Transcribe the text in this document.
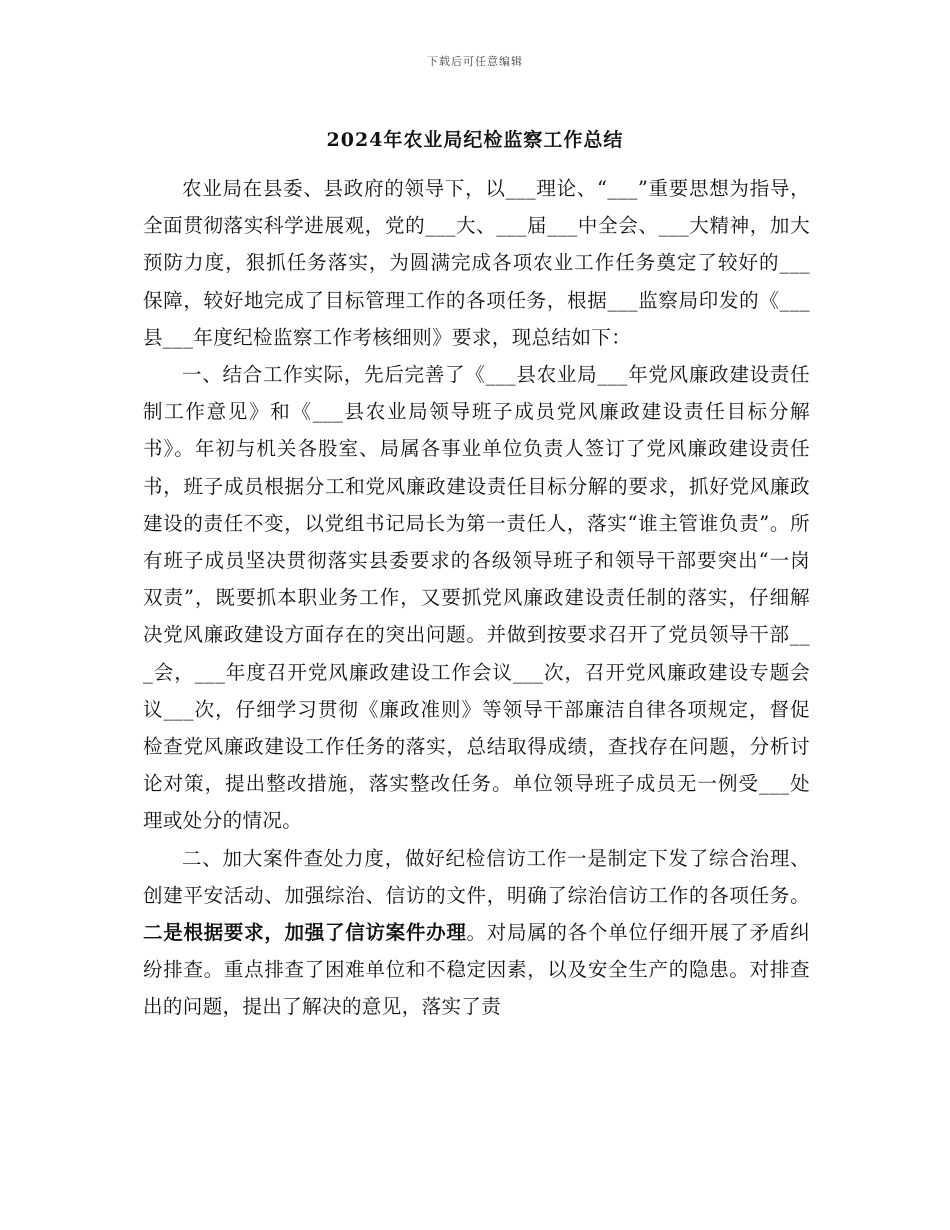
下载后可任意编辑
2024年农业局纪检监察工作总结

农业局在县委、县政府的领导下，以___理论、“___”重要思想为指导，全面贯彻落实科学进展观，党的___大、___届___中全会、___大精神，加大预防力度，狠抓任务落实，为圆满完成各项农业工作任务奠定了较好的___保障，较好地完成了目标管理工作的各项任务，根据___监察局印发的《___县___年度纪检监察工作考核细则》要求，现总结如下：

一、结合工作实际，先后完善了《___县农业局___年党风廉政建设责任制工作意见》和《___县农业局领导班子成员党风廉政建设责任目标分解书》。年初与机关各股室、局属各事业单位负责人签订了党风廉政建设责任书，班子成员根据分工和党风廉政建设责任目标分解的要求，抓好党风廉政建设的责任不变，以党组书记局长为第一责任人，落实“谁主管谁负责”。所有班子成员坚决贯彻落实县委要求的各级领导班子和领导干部要突出“一岗双责”，既要抓本职业务工作，又要抓党风廉政建设责任制的落实，仔细解决党风廉政建设方面存在的突出问题。并做到按要求召开了党员领导干部___会，___年度召开党风廉政建设工作会议___次，召开党风廉政建设专题会议___次，仔细学习贯彻《廉政准则》等领导干部廉洁自律各项规定，督促检查党风廉政建设工作任务的落实，总结取得成绩，查找存在问题，分析讨论对策，提出整改措施，落实整改任务。单位领导班子成员无一例受___处理或处分的情况。

二、加大案件查处力度，做好纪检信访工作一是制定下发了综合治理、创建平安活动、加强综治、信访的文件，明确了综治信访工作的各项任务。二是根据要求，加强了信访案件办理。对局属的各个单位仔细开展了矛盾纠纷排查。重点排查了困难单位和不稳定因素，以及安全生产的隐患。对排查出的问题，提出了解决的意见，落实了责
